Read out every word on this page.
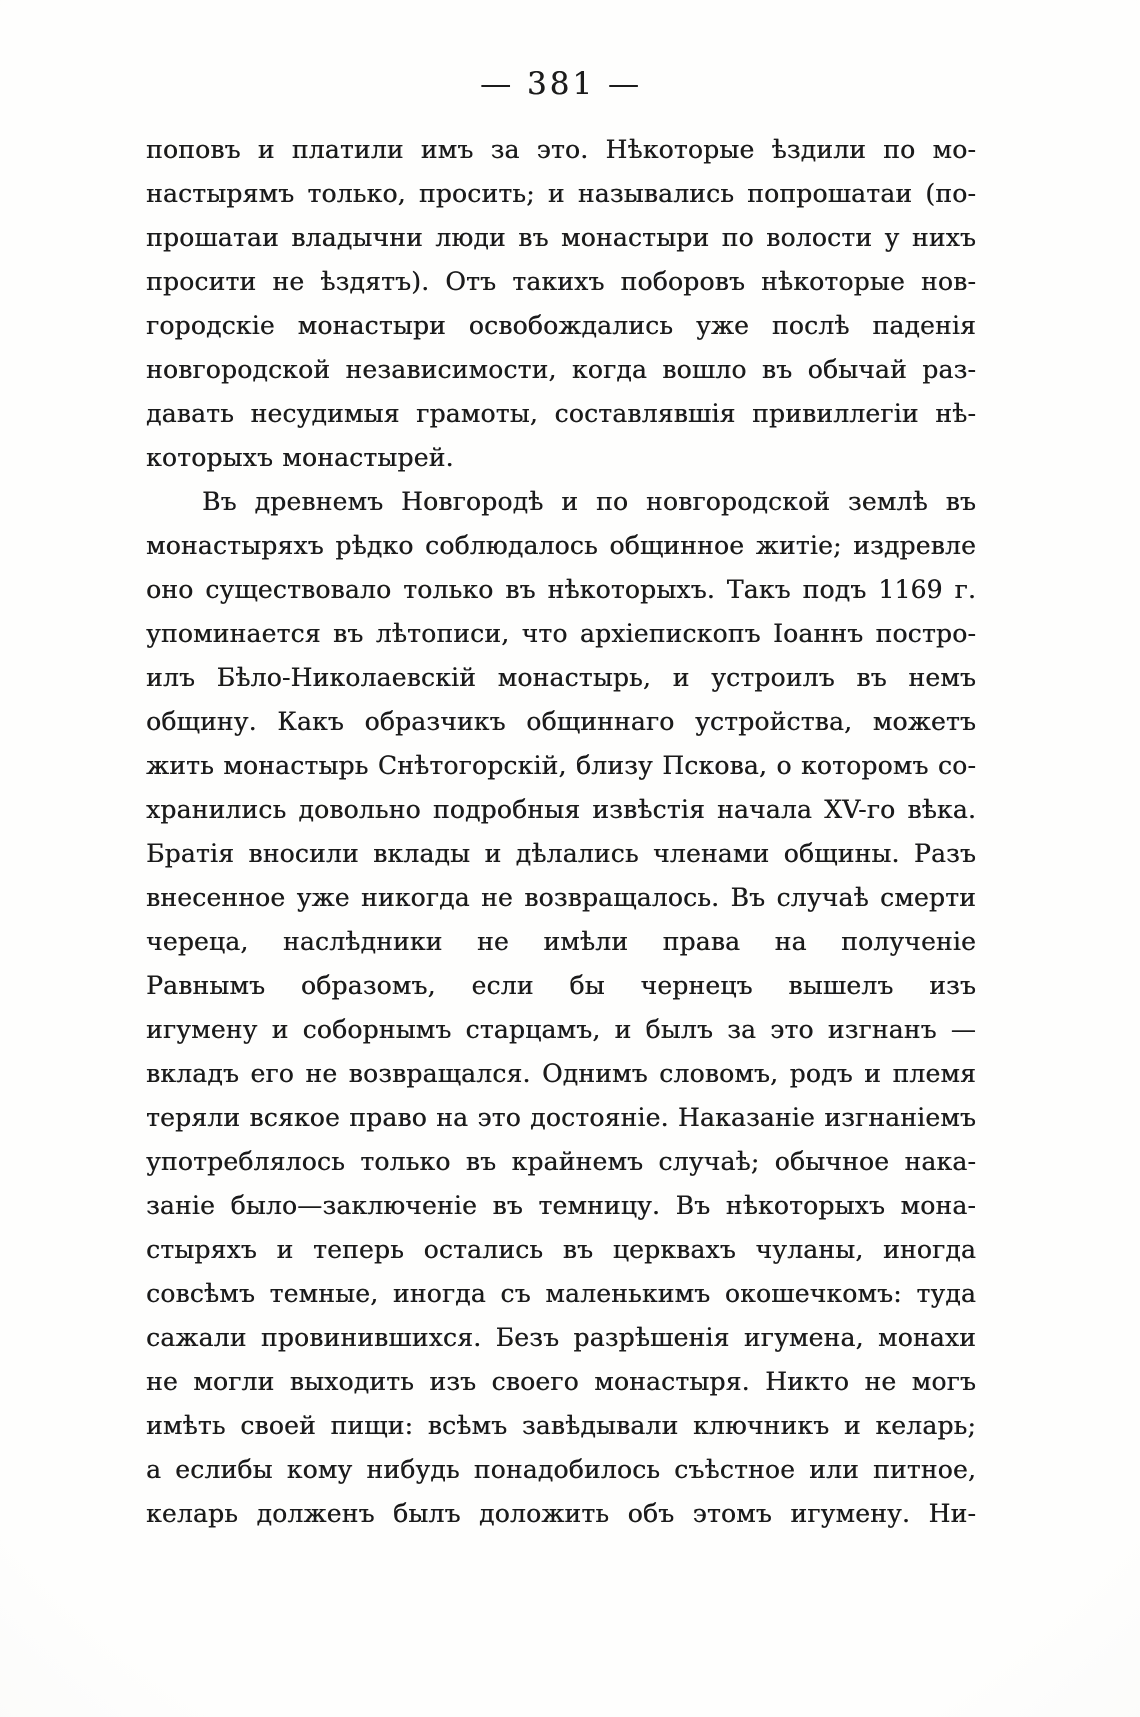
— 381 —
поповъ и платили имъ за это. Нѣкоторые ѣздили по мо-
настырямъ только, просить; и назывались попрошатаи (по-
прошатаи владычни люди въ монастыри по волости у нихъ
просити не ѣздятъ). Отъ такихъ поборовъ нѣкоторые нов-
городскіе монастыри освобождались уже послѣ паденія
новгородской независимости, когда вошло въ обычай раз-
давать несудимыя грамоты, составлявшія привиллегіи нѣ-
которыхъ монастырей.
Въ древнемъ Новгородѣ и по новгородской землѣ въ
монастыряхъ рѣдко соблюдалось общинное житіе; издревле
оно существовало только въ нѣкоторыхъ. Такъ подъ 1169 г.
упоминается въ лѣтописи, что архіепископъ Іоаннъ постро-
илъ Бѣло-Николаевскій монастырь, и устроилъ въ немъ
общину. Какъ образчикъ общиннаго устройства, можетъ
жить монастырь Снѣтогорскій, близу Пскова, о которомъ со-
хранились довольно подробныя извѣстія начала XV-го вѣка.
Братія вносили вклады и дѣлались членами общины. Разъ
внесенное уже никогда не возвращалось. Въ случаѣ смерти
череца, наслѣдники не имѣли права на полученіе
Равнымъ образомъ, если бы чернецъ вышелъ изъ
игумену и соборнымъ старцамъ, и былъ за это изгнанъ —
вкладъ его не возвращался. Однимъ словомъ, родъ и племя
теряли всякое право на это достояніе. Наказаніе изгнаніемъ
употреблялось только въ крайнемъ случаѣ; обычное нака-
заніе было—заключеніе въ темницу. Въ нѣкоторыхъ мона-
стыряхъ и теперь остались въ церквахъ чуланы, иногда
совсѣмъ темные, иногда съ маленькимъ окошечкомъ: туда
сажали провинившихся. Безъ разрѣшенія игумена, монахи
не могли выходить изъ своего монастыря. Никто не могъ
имѣть своей пищи: всѣмъ завѣдывали ключникъ и келарь;
а еслибы кому нибудь понадобилось съѣстное или питное,
келарь долженъ былъ доложить объ этомъ игумену. Ни-
